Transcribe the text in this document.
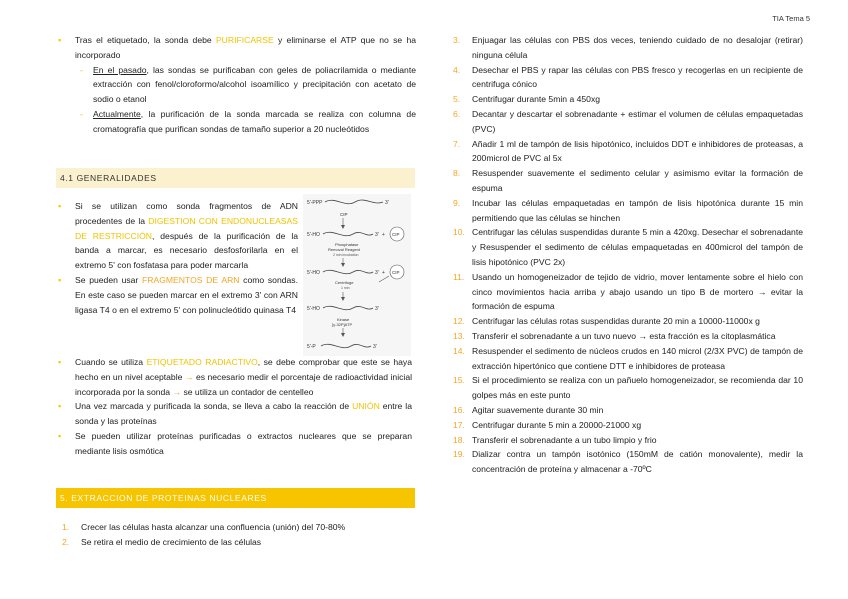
TIA Tema 5
▪ Tras el etiquetado, la sonda debe PURIFICARSE y eliminarse el ATP que no se ha incorporado
- En el pasado, las sondas se purificaban con geles de poliacrilamida o mediante extracción con fenol/cloroformo/alcohol isoamílico y precipitación con acetato de sodio o etanol
- Actualmente, la purificación de la sonda marcada se realiza con columna de cromatografía que purifican sondas de tamaño superior a 20 nucleótidos
4.1 GENERALIDADES
▪ Si se utilizan como sonda fragmentos de ADN procedentes de la DIGESTION CON ENDONUCLEASAS DE RESTRICCIÓN, después de la purificación de la banda a marcar, es necesario desfosforilarla en el extremo 5' con fosfatasa para poder marcarla
▪ Se pueden usar FRAGMENTOS DE ARN como sondas. En este caso se pueden marcar en el extremo 3' con ARN ligasa T4 o en el extremo 5' con polinucleótido quinasa T4
▪ Cuando se utiliza ETIQUETADO RADIACTIVO, se debe comprobar que este se haya hecho en un nivel aceptable → es necesario medir el porcentaje de radioactividad inicial incorporada por la sonda → se utiliza un contador de centelleo
▪ Una vez marcada y purificada la sonda, se lleva a cabo la reacción de UNIÓN entre la sonda y las proteínas
▪ Se pueden utilizar proteínas purificadas o extractos nucleares que se preparan mediante lisis osmótica
5. EXTRACCION DE PROTEINAS NUCLEARES
1. Crecer las células hasta alcanzar una confluencia (unión) del 70-80%
2. Se retira el medio de crecimiento de las células
5'-PPP	3'
CIP
5'-HO	3' + CIP
Phosphatase
Removal Reagent
2 min incubation
5'-HO	3' + CIP
Centrifuge
1 min
5'-HO	3'
Kinase
[γ-32P]ATP
5'-P	3'
3. Enjuagar las células con PBS dos veces, teniendo cuidado de no desalojar (retirar) ninguna célula
4. Desechar el PBS y rapar las células con PBS fresco y recogerlas en un recipiente de centrifuga cónico
5. Centrifugar durante 5min a 450xg
6. Decantar y descartar el sobrenadante + estimar el volumen de células empaquetadas (PVC)
7. Añadir 1 ml de tampón de lisis hipotónico, incluidos DDT e inhibidores de proteasas, a 200microl de PVC al 5x
8. Resuspender suavemente el sedimento celular y asimismo evitar la formación de espuma
9. Incubar las células empaquetadas en tampón de lisis hipotónica durante 15 min permitiendo que las células se hinchen
10. Centrifugar las células suspendidas durante 5 min a 420xg. Desechar el sobrenadante y Resuspender el sedimento de células empaquetadas en 400microl del tampón de lisis hipotónico (PVC 2x)
11. Usando un homogeneizador de tejido de vidrio, mover lentamente sobre el hielo con cinco movimientos hacia arriba y abajo usando un tipo B de mortero → evitar la formación de espuma
12. Centrifugar las células rotas suspendidas durante 20 min a 10000-11000x g
13. Transferir el sobrenadante a un tuvo nuevo → esta fracción es la citoplasmática
14. Resuspender el sedimento de núcleos crudos en 140 microl (2/3X PVC) de tampón de extracción hipertónico que contiene DTT e inhibidores de proteasa
15. Si el procedimiento se realiza con un pañuelo homogeneizador, se recomienda dar 10 golpes más en este punto
16. Agitar suavemente durante 30 min
17. Centrifugar durante 5 min a 20000-21000 xg
18. Transferir el sobrenadante a un tubo limpio y frio
19. Dializar contra un tampón isotónico (150mM de catión monovalente), medir la concentración de proteína y almacenar a -70ºC
